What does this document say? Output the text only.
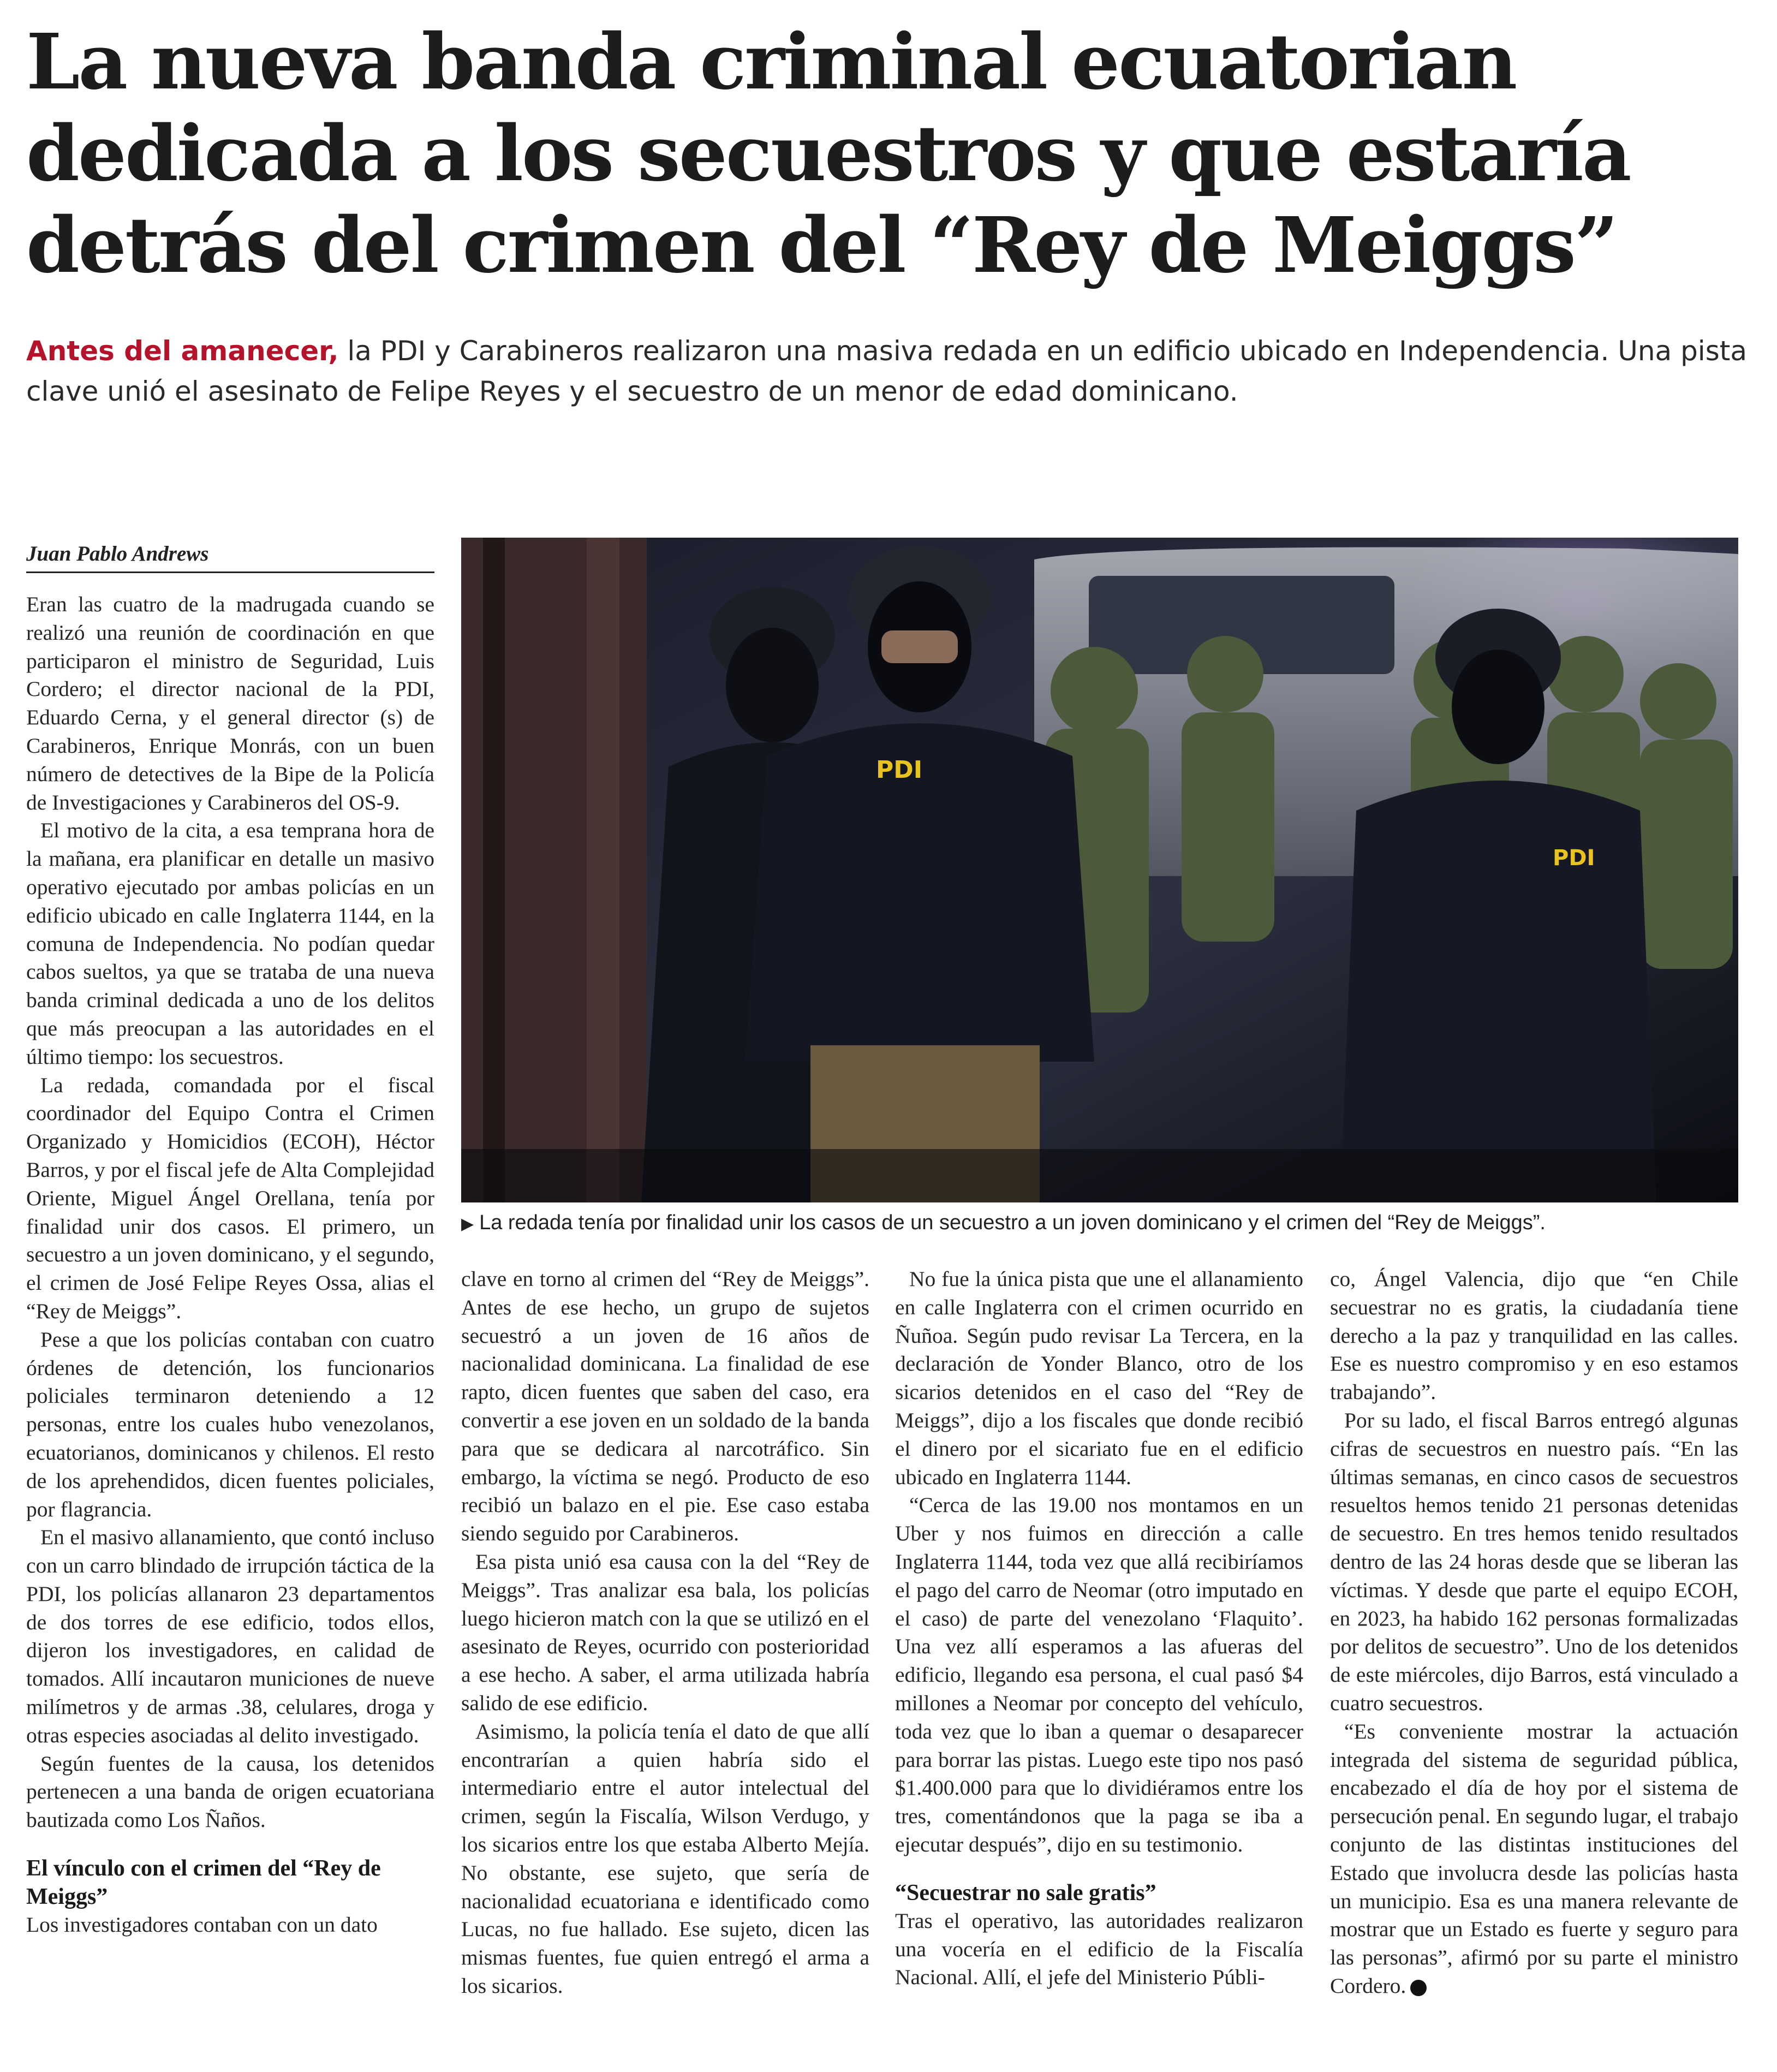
La nueva banda criminal ecuatorian dedicada a los secuestros y que estaría detrás del crimen del “Rey de Meiggs”
Antes del amanecer, la PDI y Carabineros realizaron una masiva redada en un edificio ubicado en Independencia. Una pista clave unió el asesinato de Felipe Reyes y el secuestro de un menor de edad dominicano.
Juan Pablo Andrews

Eran las cuatro de la madrugada cuando se realizó una reunión de coordinación en que participaron el ministro de Seguridad, Luis Cordero; el director nacional de la PDI, Eduardo Cerna, y el general director (s) de Carabineros, Enrique Monrás, con un buen número de detectives de la Bipe de la Policía de Investigaciones y Carabineros del OS-9.

El motivo de la cita, a esa temprana hora de la mañana, era planificar en detalle un masivo operativo ejecutado por ambas policías en un edificio ubicado en calle Inglaterra 1144, en la comuna de Independencia. No podían quedar cabos sueltos, ya que se trataba de una nueva banda criminal dedicada a uno de los delitos que más preocupan a las autoridades en el último tiempo: los secuestros.

La redada, comandada por el fiscal coordinador del Equipo Contra el Crimen Organizado y Homicidios (ECOH), Héctor Barros, y por el fiscal jefe de Alta Complejidad Oriente, Miguel Ángel Orellana, tenía por finalidad unir dos casos. El primero, un secuestro a un joven dominicano, y el segundo, el crimen de José Felipe Reyes Ossa, alias el “Rey de Meiggs”.

Pese a que los policías contaban con cuatro órdenes de detención, los funcionarios policiales terminaron deteniendo a 12 personas, entre los cuales hubo venezolanos, ecuatorianos, dominicanos y chilenos. El resto de los aprehendidos, dicen fuentes policiales, por flagrancia.

En el masivo allanamiento, que contó incluso con un carro blindado de irrupción táctica de la PDI, los policías allanaron 23 departamentos de dos torres de ese edificio, todos ellos, dijeron los investigadores, en calidad de tomados. Allí incautaron municiones de nueve milímetros y de armas .38, celulares, droga y otras especies asociadas al delito investigado.

Según fuentes de la causa, los detenidos pertenecen a una banda de origen ecuatoriana bautizada como Los Ñaños.

El vínculo con el crimen del “Rey de Meiggs”

Los investigadores contaban con un dato

PDI
PDI
▶ La redada tenía por finalidad unir los casos de un secuestro a un joven dominicano y el crimen del “Rey de Meiggs”.

clave en torno al crimen del “Rey de Meiggs”. Antes de ese hecho, un grupo de sujetos secuestró a un joven de 16 años de nacionalidad dominicana. La finalidad de ese rapto, dicen fuentes que saben del caso, era convertir a ese joven en un soldado de la banda para que se dedicara al narcotráfico. Sin embargo, la víctima se negó. Producto de eso recibió un balazo en el pie. Ese caso estaba siendo seguido por Carabineros.

Esa pista unió esa causa con la del “Rey de Meiggs”. Tras analizar esa bala, los policías luego hicieron match con la que se utilizó en el asesinato de Reyes, ocurrido con posterioridad a ese hecho. A saber, el arma utilizada habría salido de ese edificio.

Asimismo, la policía tenía el dato de que allí encontrarían a quien habría sido el intermediario entre el autor intelectual del crimen, según la Fiscalía, Wilson Verdugo, y los sicarios entre los que estaba Alberto Mejía. No obstante, ese sujeto, que sería de nacionalidad ecuatoriana e identificado como Lucas, no fue hallado. Ese sujeto, dicen las mismas fuentes, fue quien entregó el arma a los sicarios.

No fue la única pista que une el allanamiento en calle Inglaterra con el crimen ocurrido en Ñuñoa. Según pudo revisar La Tercera, en la declaración de Yonder Blanco, otro de los sicarios detenidos en el caso del “Rey de Meiggs”, dijo a los fiscales que donde recibió el dinero por el sicariato fue en el edificio ubicado en Inglaterra 1144.

“Cerca de las 19.00 nos montamos en un Uber y nos fuimos en dirección a calle Inglaterra 1144, toda vez que allá recibiríamos el pago del carro de Neomar (otro imputado en el caso) de parte del venezolano ‘Flaquito’. Una vez allí esperamos a las afueras del edificio, llegando esa persona, el cual pasó $4 millones a Neomar por concepto del vehículo, toda vez que lo iban a quemar o desaparecer para borrar las pistas. Luego este tipo nos pasó $1.400.000 para que lo dividiéramos entre los tres, comentándonos que la paga se iba a ejecutar después”, dijo en su testimonio.

“Secuestrar no sale gratis”

Tras el operativo, las autoridades realizaron una vocería en el edificio de la Fiscalía Nacional. Allí, el jefe del Ministerio Públi-

co, Ángel Valencia, dijo que “en Chile secuestrar no es gratis, la ciudadanía tiene derecho a la paz y tranquilidad en las calles. Ese es nuestro compromiso y en eso estamos trabajando”.

Por su lado, el fiscal Barros entregó algunas cifras de secuestros en nuestro país. “En las últimas semanas, en cinco casos de secuestros resueltos hemos tenido 21 personas detenidas de secuestro. En tres hemos tenido resultados dentro de las 24 horas desde que se liberan las víctimas. Y desde que parte el equipo ECOH, en 2023, ha habido 162 personas formalizadas por delitos de secuestro”. Uno de los detenidos de este miércoles, dijo Barros, está vinculado a cuatro secuestros.

“Es conveniente mostrar la actuación integrada del sistema de seguridad pública, encabezado el día de hoy por el sistema de persecución penal. En segundo lugar, el trabajo conjunto de las distintas instituciones del Estado que involucra desde las policías hasta un municipio. Esa es una manera relevante de mostrar que un Estado es fuerte y seguro para las personas”, afirmó por su parte el ministro Cordero.
